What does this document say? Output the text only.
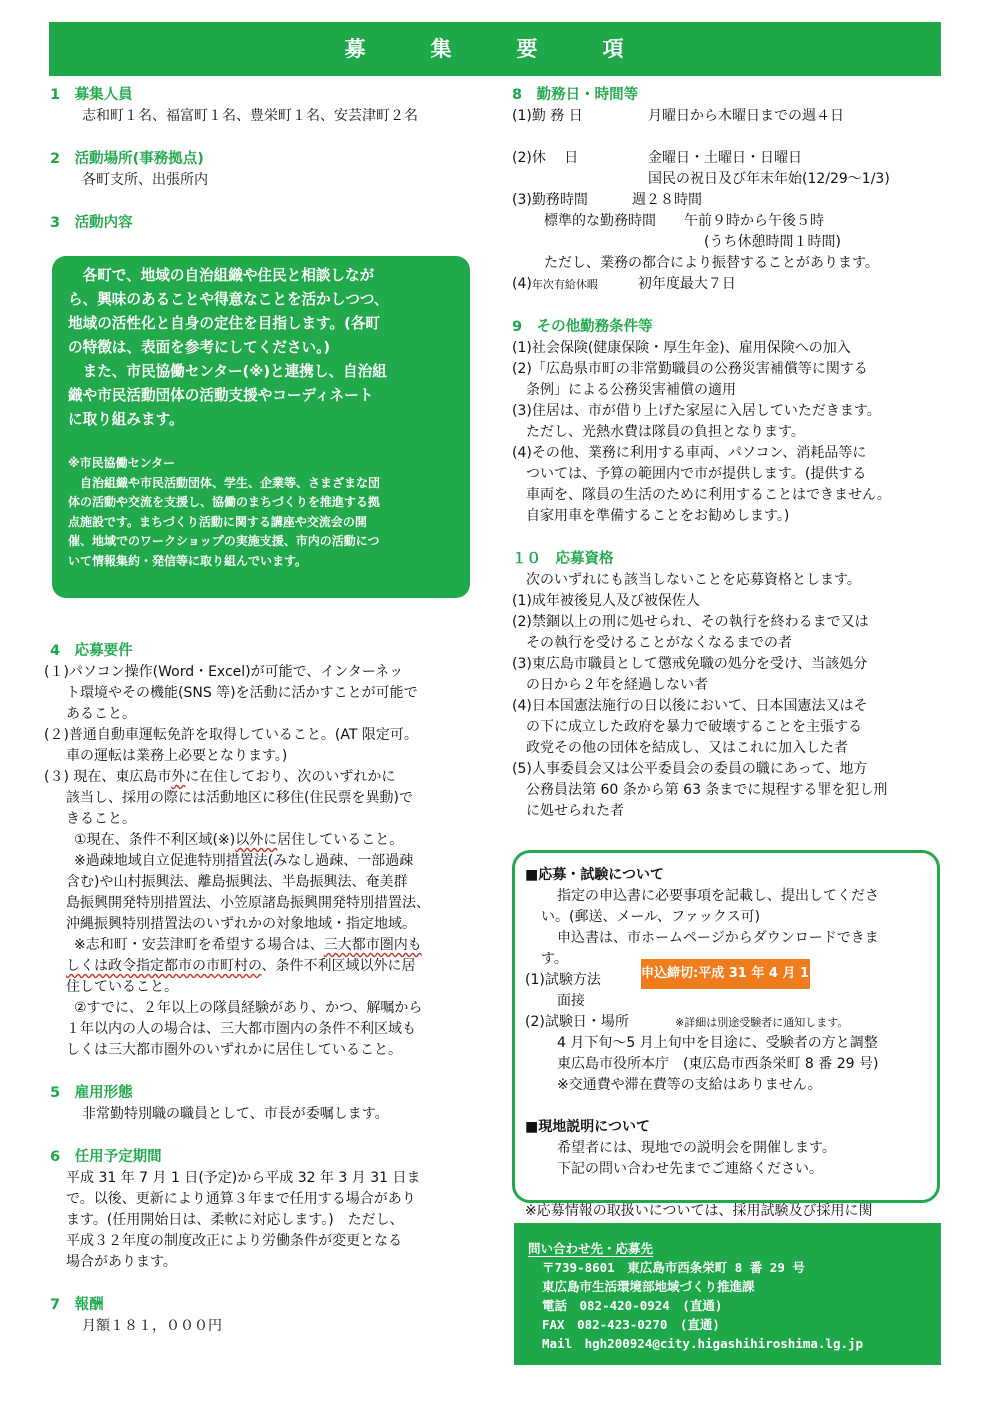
募　集　要　項
1　募集人員
志和町１名、福富町１名、豊栄町１名、安芸津町２名
2　活動場所(事務拠点)
各町支所、出張所内
3　活動内容
　各町で、地域の自治組織や住民と相談しなが
ら、興味のあることや得意なことを活かしつつ、
地域の活性化と自身の定住を目指します。(各町
の特徴は、表面を参考にしてください。)
　また、市民協働センター(※)と連携し、自治組
織や市民活動団体の活動支援やコーディネート
に取り組みます。
※市民協働センター
　自治組織や市民活動団体、学生、企業等、さまざまな団
体の活動や交流を支援し、協働のまちづくりを推進する拠
点施設です。まちづくり活動に関する講座や交流会の開
催、地域でのワークショップの実施支援、市内の活動につ
いて情報集約・発信等に取り組んでいます。
4　応募要件
(１)パソコン操作(Word・Excel)が可能で、インターネッ
ト環境やその機能(SNS 等)を活動に活かすことが可能で
あること。
(２)普通自動車運転免許を取得していること。(AT 限定可。
車の運転は業務上必要となります。)
(３) 現在、東広島市外に在住しており、次のいずれかに
該当し、採用の際には活動地区に移住(住民票を異動)で
きること。
①現在、条件不利区域(※)以外に居住していること。
※過疎地域自立促進特別措置法(みなし過疎、一部過疎
含む)や山村振興法、離島振興法、半島振興法、奄美群
島振興開発特別措置法、小笠原諸島振興開発特別措置法、
沖縄振興特別措置法のいずれかの対象地域・指定地域。
※志和町・安芸津町を希望する場合は、三大都市圏内も
しくは政令指定都市の市町村の、条件不利区域以外に居
住していること。
②すでに、２年以上の隊員経験があり、かつ、解嘱から
１年以内の人の場合は、三大都市圏内の条件不利区域も
しくは三大都市圏外のいずれかに居住していること。
5　雇用形態
非常勤特別職の職員として、市長が委嘱します。
6　任用予定期間
平成 31 年 7 月 1 日(予定)から平成 32 年 3 月 31 日ま
で。以後、更新により通算３年まで任用する場合があり
ます。(任用開始日は、柔軟に対応します。)　ただし、
平成３２年度の制度改正により労働条件が変更となる
場合があります。
7　報酬
月額１８１，０００円
8　勤務日・時間等
(1)勤 務 日	月曜日から木曜日までの週４日
(2)休　 日	金曜日・土曜日・日曜日
国民の祝日及び年末年始(12/29～1/3)
(3)勤務時間	週２８時間
標準的な勤務時間 午前９時から午後５時
(うち休憩時間１時間)
ただし、業務の都合により振替することがあります。
(4)年次有給休暇	初年度最大７日
9　その他勤務条件等
(1)社会保険(健康保険・厚生年金)、雇用保険への加入
(2)「広島県市町の非常勤職員の公務災害補償等に関する
　条例」による公務災害補償の適用
(3)住居は、市が借り上げた家屋に入居していただきます。
　ただし、光熱水費は隊員の負担となります。
(4)その他、業務に利用する車両、パソコン、消耗品等に
　ついては、予算の範囲内で市が提供します。(提供する
　車両を、隊員の生活のために利用することはできません。
　自家用車を準備することをお勧めします。)
１０　応募資格
　次のいずれにも該当しないことを応募資格とします。
(1)成年被後見人及び被保佐人
(2)禁錮以上の刑に処せられ、その執行を終わるまで又は
　その執行を受けることがなくなるまでの者
(3)東広島市職員として懲戒免職の処分を受け、当該処分
　の日から２年を経過しない者
(4)日本国憲法施行の日以後において、日本国憲法又はそ
　の下に成立した政府を暴力で破壊することを主張する
　政党その他の団体を結成し、又はこれに加入した者
(5)人事委員会又は公平委員会の委員の職にあって、地方
　公務員法第 60 条から第 63 条までに規程する罪を犯し刑
　に処せられた者
■応募・試験について
指定の申込書に必要事項を記載し、提出してくださ
い。(郵送、メール、ファックス可)
申込書は、市ホームページからダウンロードできま
す。
(1)試験方法
面接
申込締切:平成 31 年 4 月 12 日(金)
(2)試験日・場所	※詳細は別途受験者に通知します。
4 月下旬～5 月上旬中を目途に、受験者の方と調整
東広島市役所本庁　(東広島市西条栄町 8 番 29 号)
※交通費や滞在費等の支給はありません。
■現地説明について
希望者には、現地での説明会を開催します。
下記の問い合わせ先までご連絡ください。
※応募情報の取扱いについては、採用試験及び採用に関
問い合わせ先・応募先
〒739-8601　東広島市西条栄町 8 番 29 号
東広島市生活環境部地域づくり推進課
電話　082-420-0924　(直通)
FAX　082-423-0270　(直通)
Mail　hgh200924@city.higashihiroshima.lg.jp
